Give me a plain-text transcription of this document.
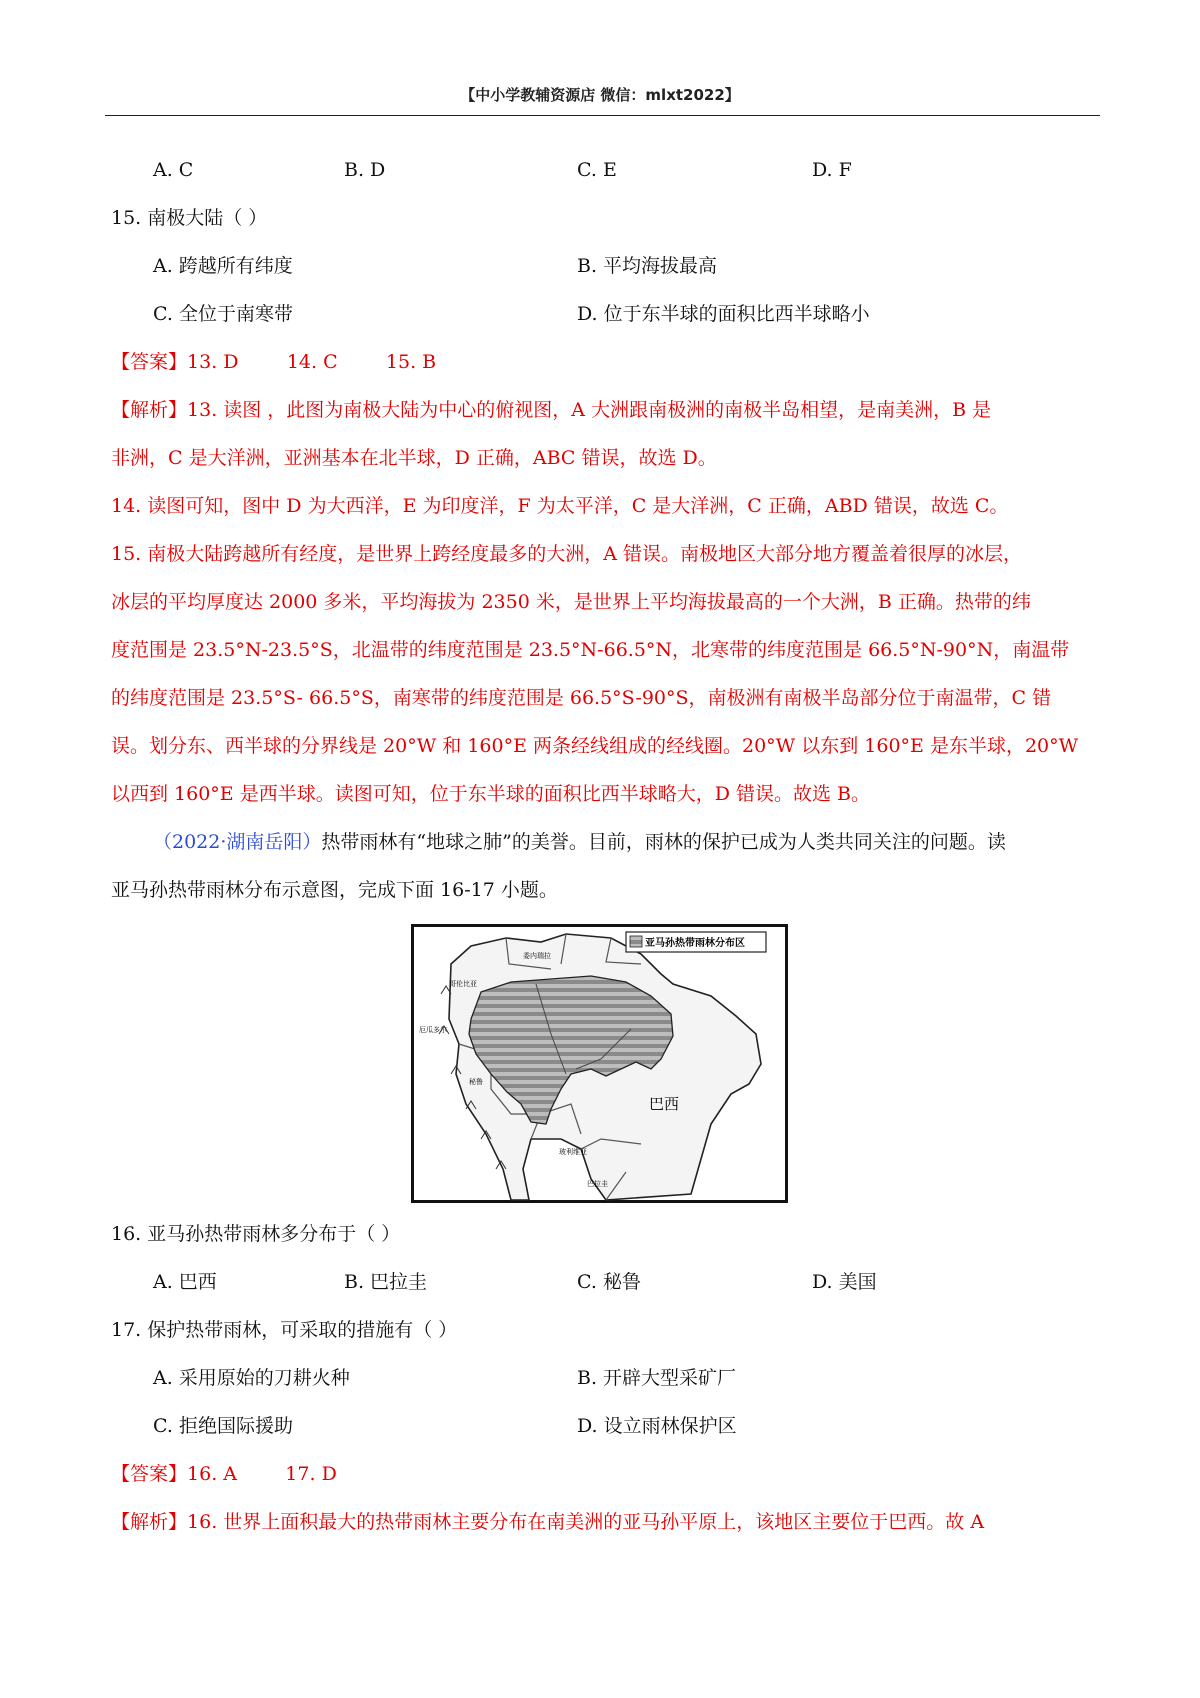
【中小学教辅资源店 微信：mlxt2022】
A. C	B. D	C. E	D. F
15. 南极大陆（ ）
A. 跨越所有纬度	B. 平均海拔最高
C. 全位于南寒带	D. 位于东半球的面积比西半球略小
【答案】13. D        14. C        15. B
【解析】13. 读图 ，此图为南极大陆为中心的俯视图，A 大洲跟南极洲的南极半岛相望，是南美洲，B 是
非洲，C 是大洋洲，亚洲基本在北半球，D 正确，ABC 错误，故选 D。
14. 读图可知，图中 D 为大西洋，E 为印度洋，F 为太平洋，C 是大洋洲，C 正确，ABD 错误，故选 C。
15. 南极大陆跨越所有经度，是世界上跨经度最多的大洲，A 错误。南极地区大部分地方覆盖着很厚的冰层，
冰层的平均厚度达 2000 多米，平均海拔为 2350 米，是世界上平均海拔最高的一个大洲，B 正确。热带的纬
度范围是 23.5°N-23.5°S，北温带的纬度范围是 23.5°N-66.5°N，北寒带的纬度范围是 66.5°N-90°N，南温带
的纬度范围是 23.5°S- 66.5°S，南寒带的纬度范围是 66.5°S-90°S，南极洲有南极半岛部分位于南温带，C 错
误。划分东、西半球的分界线是 20°W 和 160°E 两条经线组成的经线圈。20°W 以东到 160°E 是东半球，20°W
以西到 160°E 是西半球。读图可知，位于东半球的面积比西半球略大，D 错误。故选 B。
（2022·湖南岳阳）热带雨林有“地球之肺”的美誉。目前，雨林的保护已成为人类共同关注的问题。读
亚马孙热带雨林分布示意图，完成下面 16-17 小题。
亚马孙热带雨林分布区
巴西
委内瑞拉
哥伦比亚
厄瓜多尔
秘鲁
玻利维亚
巴拉圭
16. 亚马孙热带雨林多分布于（ ）
A. 巴西	B. 巴拉圭	C. 秘鲁	D. 美国
17. 保护热带雨林，可采取的措施有（ ）
A. 采用原始的刀耕火种	B. 开辟大型采矿厂
C. 拒绝国际援助	D. 设立雨林保护区
【答案】16. A        17. D
【解析】16. 世界上面积最大的热带雨林主要分布在南美洲的亚马孙平原上，该地区主要位于巴西。故 A
